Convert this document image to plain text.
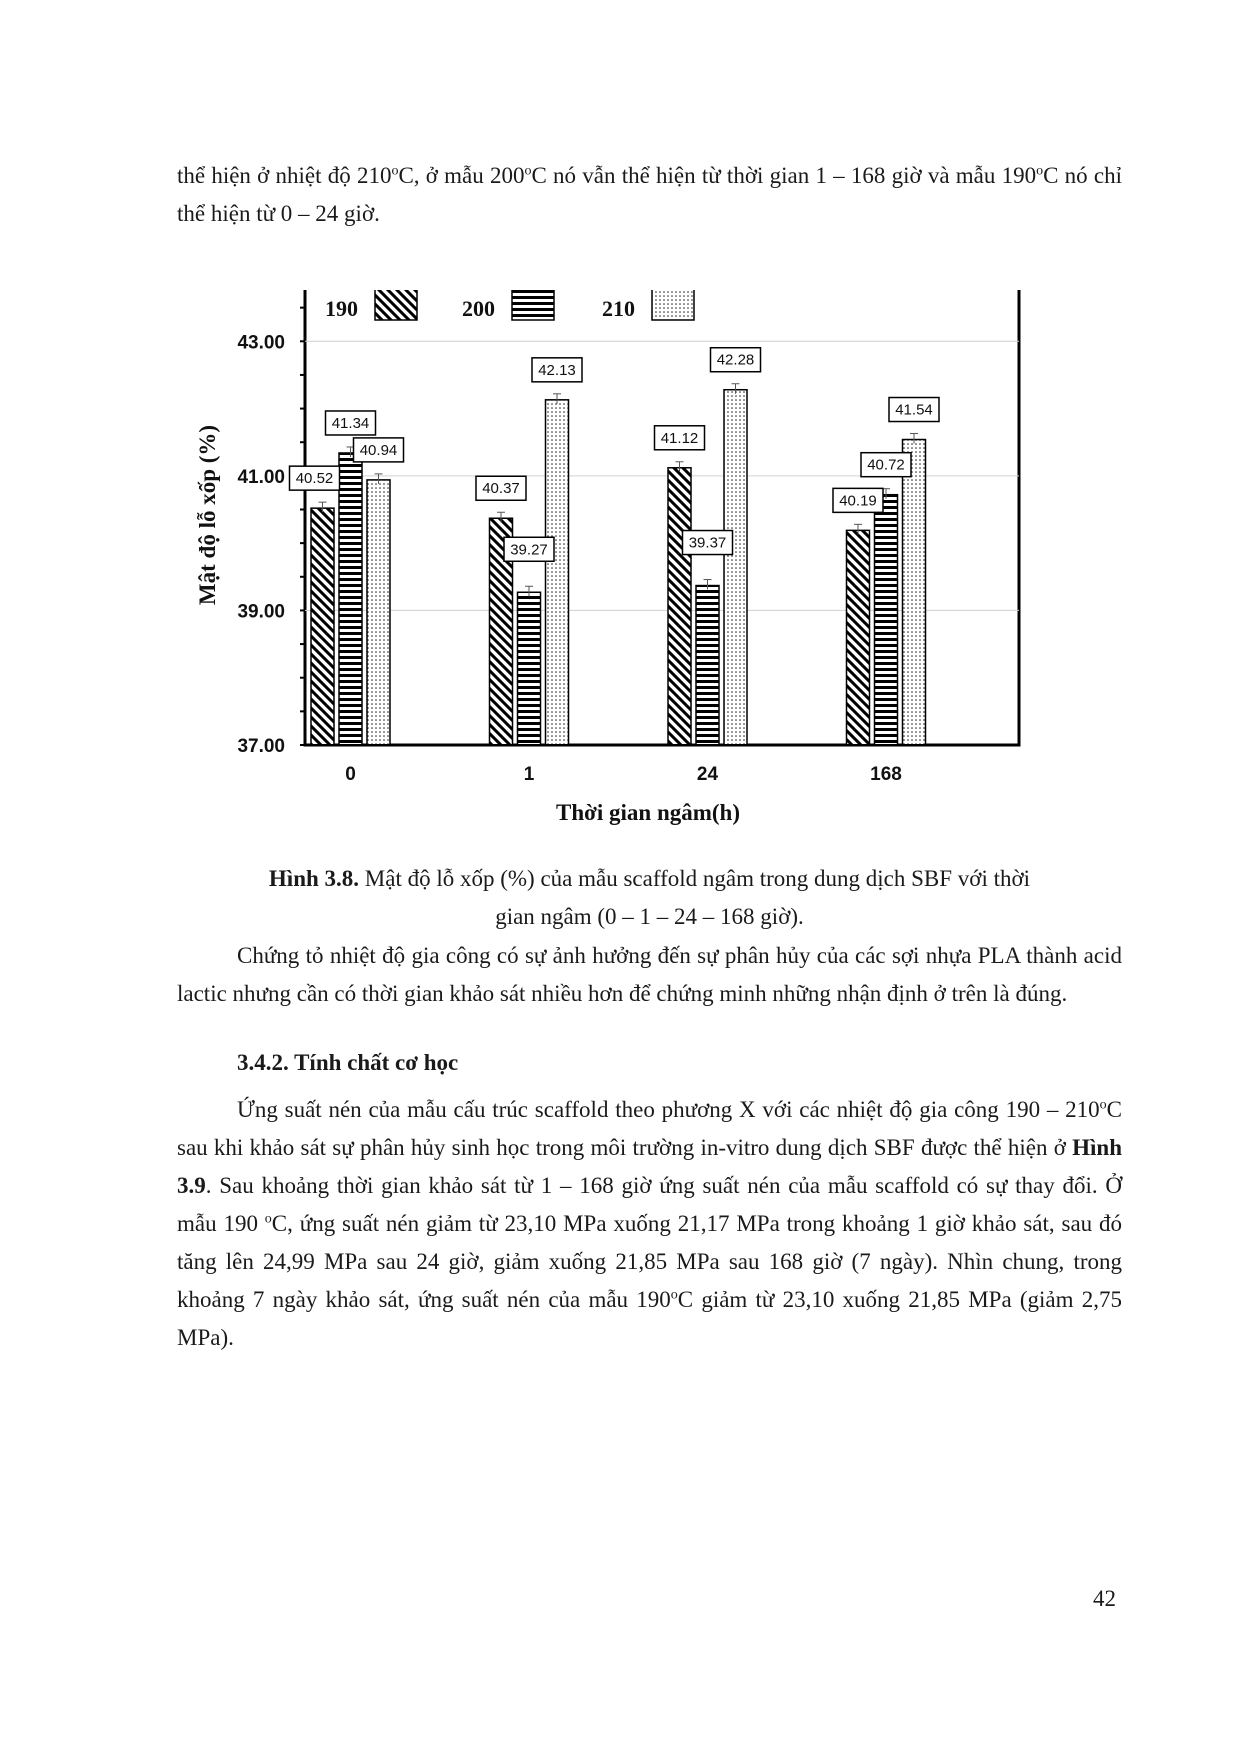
thể hiện ở nhiệt độ 210$^o$C, ở mẫu 200$^o$C nó vẫn thể hiện từ thời gian 1 – 168 giờ và mẫu 190$^o$C nó chỉ thể hiện từ 0 – 24 giờ.
40.52
41.34
40.94
40.37
39.27
42.13
41.12
39.37
42.28
40.19
40.72
41.54
37.00
39.00
41.00
43.00
0	1	24	168
190	200	210
Mật độ lỗ xốp (%)
Thời gian ngâm(h)
Hình 3.8. Mật độ lỗ xốp (%) của mẫu scaffold ngâm trong dung dịch SBF với thời
gian ngâm (0 – 1 – 24 – 168 giờ).
Chứng tỏ nhiệt độ gia công có sự ảnh hưởng đến sự phân hủy của các sợi nhựa PLA thành acid lactic nhưng cần có thời gian khảo sát nhiều hơn để chứng minh những nhận định ở trên là đúng.
3.4.2. Tính chất cơ học
Ứng suất nén của mẫu cấu trúc scaffold theo phương X với các nhiệt độ gia công 190 – 210$^o$C sau khi khảo sát sự phân hủy sinh học trong môi trường in-vitro dung dịch SBF được thể hiện ở Hình 3.9. Sau khoảng thời gian khảo sát từ 1 – 168 giờ ứng suất nén của mẫu scaffold có sự thay đổi. Ở mẫu 190 $^o$C, ứng suất nén giảm từ 23,10 MPa xuống 21,17 MPa trong khoảng 1 giờ khảo sát, sau đó tăng lên 24,99 MPa sau 24 giờ, giảm xuống 21,85 MPa sau 168 giờ (7 ngày). Nhìn chung, trong khoảng 7 ngày khảo sát, ứng suất nén của mẫu 190$^o$C giảm từ 23,10 xuống 21,85 MPa (giảm 2,75 MPa).
42
